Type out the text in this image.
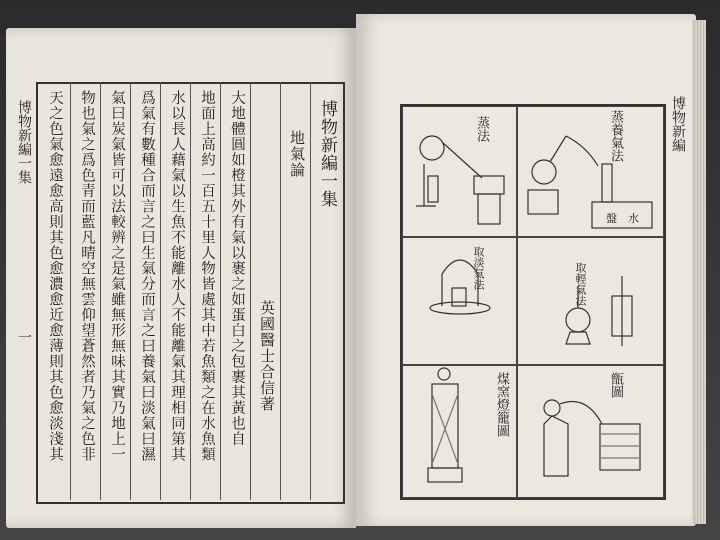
博物新編一集
一
博物新編一集
地氣論
英國醫士合信著
大地體圓如橙其外有氣以裹之如蛋白之包裹其黃也自
地面上高約一百五十里人物皆處其中若魚類之在水魚類
水以長人藉氣以生魚不能離水人不能離氣其理相同第其
爲氣有數種合而言之曰生氣分而言之曰養氣曰淡氣曰濕
氣曰炭氣皆可以法較辨之是氣雖無形無味其實乃地上一
物也氣之爲色青而藍凡晴空無雲仰望蒼然者乃氣之色非
天之色氣愈遠愈高則其色愈濃愈近愈薄則其色愈淡淺其	博物新編
蒸法	蒸養氣法
取淡氣法	取輕氣法
煤窯燈籠圖	甑圖
盤 水
